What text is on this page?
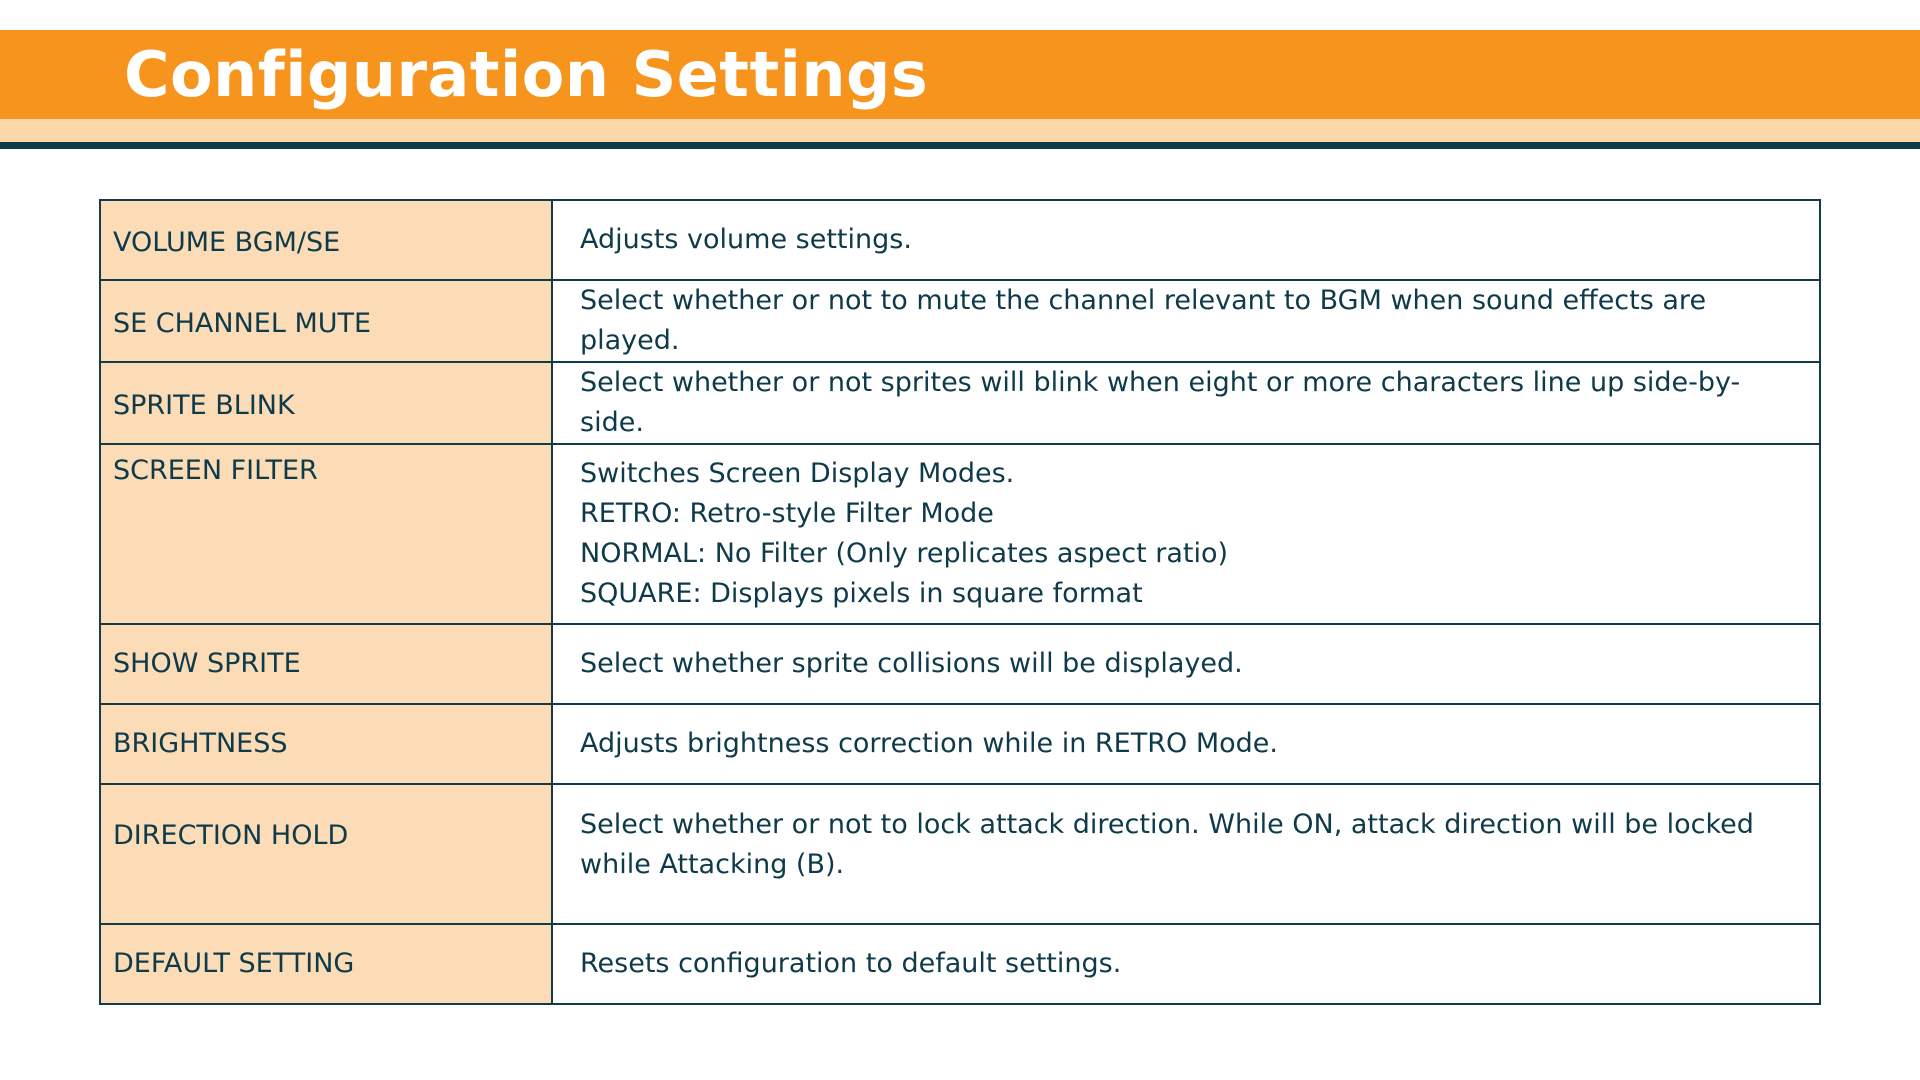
Configuration Settings
VOLUME BGM/SE	Adjusts volume settings.

SE CHANNEL MUTE	Select whether or not to mute the channel relevant to BGM when sound effects are played.

SPRITE BLINK	Select whether or not sprites will blink when eight or more characters line up side-by-side.

SCREEN FILTER	Switches Screen Display Modes.
RETRO: Retro-style Filter Mode
NORMAL: No Filter (Only replicates aspect ratio)
SQUARE: Displays pixels in square format

SHOW SPRITE	Select whether sprite collisions will be displayed.

BRIGHTNESS	Adjusts brightness correction while in RETRO Mode.

DIRECTION HOLD	Select whether or not to lock attack direction. While ON, attack direction will be locked
while Attacking (B).

DEFAULT SETTING	Resets configuration to default settings.
